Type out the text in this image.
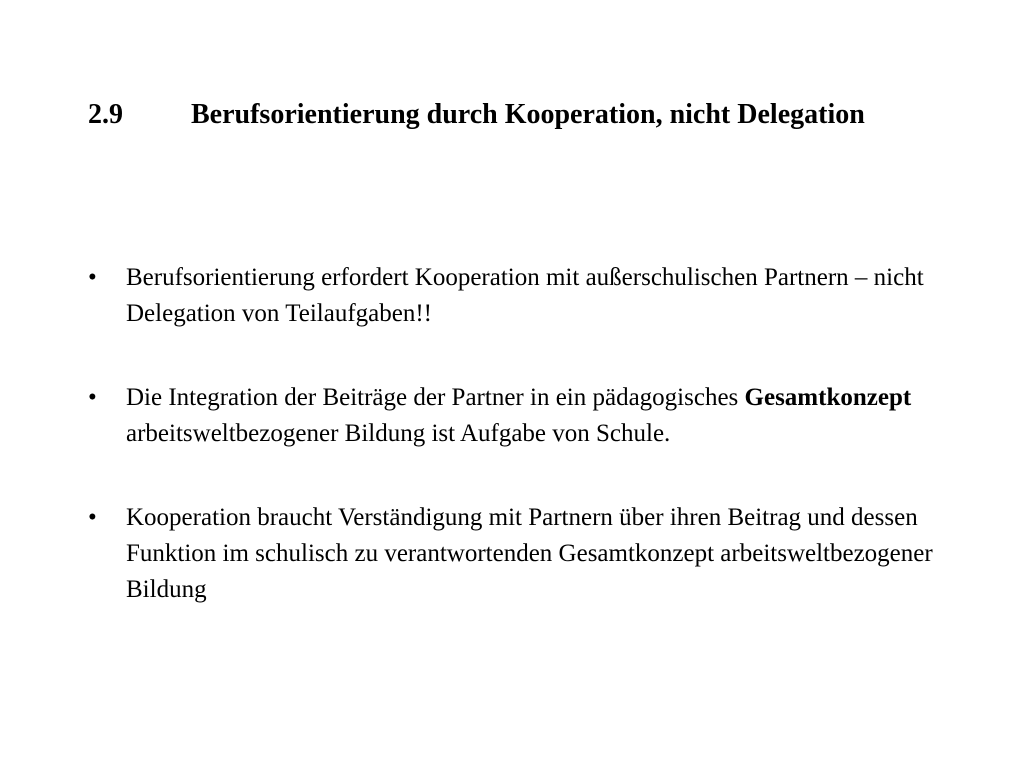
2.9	Berufsorientierung durch Kooperation, nicht Delegation
•	Berufsorientierung erfordert Kooperation mit außerschulischen Partnern – nicht Delegation von Teilaufgaben!!
•	Die Integration der Beiträge der Partner in ein pädagogisches Gesamtkonzept arbeitsweltbezogener Bildung ist Aufgabe von Schule.
•	Kooperation braucht Verständigung mit Partnern über ihren Beitrag und dessen Funktion im schulisch zu verantwortenden Gesamtkonzept arbeitsweltbezogener Bildung
